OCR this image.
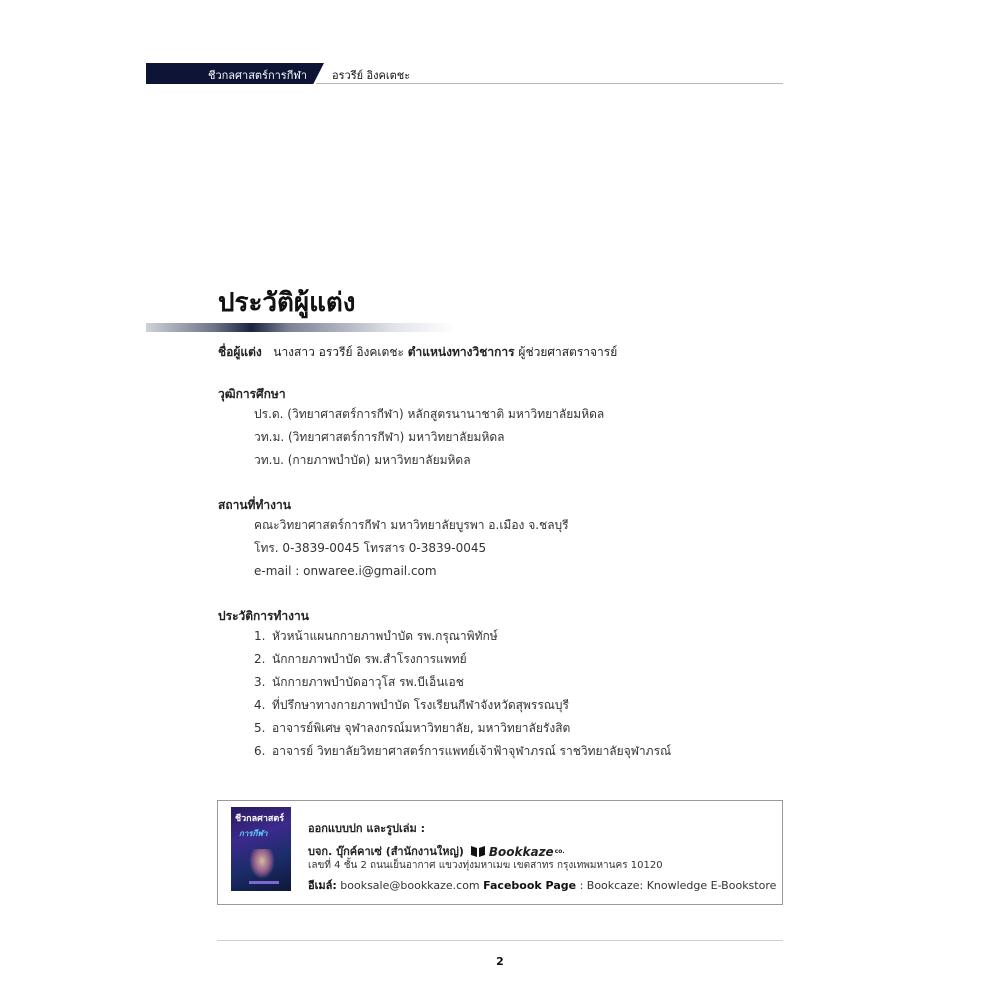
ชีวกลศาสตร์การกีฬา อรวรีย์ อิงคเตชะ
ประวัติผู้แต่ง
ชื่อผู้แต่ง นางสาว อรวรีย์ อิงคเตชะ ตำแหน่งทางวิชาการ ผู้ช่วยศาสตราจารย์
วุฒิการศึกษา
ปร.ด. (วิทยาศาสตร์การกีฬา) หลักสูตรนานาชาติ มหาวิทยาลัยมหิดล
วท.ม. (วิทยาศาสตร์การกีฬา) มหาวิทยาลัยมหิดล
วท.บ. (กายภาพบำบัด) มหาวิทยาลัยมหิดล
สถานที่ทำงาน
คณะวิทยาศาสตร์การกีฬา มหาวิทยาลัยบูรพา อ.เมือง จ.ชลบุรี
โทร. 0-3839-0045 โทรสาร 0-3839-0045
e-mail : onwaree.i@gmail.com
ประวัติการทำงาน
1. หัวหน้าแผนกกายภาพบำบัด รพ.กรุณาพิทักษ์
2. นักกายภาพบำบัด รพ.สำโรงการแพทย์
3. นักกายภาพบำบัดอาวุโส รพ.บีเอ็นเอช
4. ที่ปรึกษาทางกายภาพบำบัด โรงเรียนกีฬาจังหวัดสุพรรณบุรี
5. อาจารย์พิเศษ จุฬาลงกรณ์มหาวิทยาลัย, มหาวิทยาลัยรังสิต
6. อาจารย์ วิทยาลัยวิทยาศาสตร์การแพทย์เจ้าฟ้าจุฬาภรณ์ ราชวิทยาลัยจุฬาภรณ์
ชีวกลศาสตร์
การกีฬา	ออกแบบปก และรูปเล่ม :
บจก. บุ๊กค์คาเซ่ (สำนักงานใหญ่) Bookkaze co.
เลขที่ 4 ชั้น 2 ถนนเย็นอากาศ แขวงทุ่งมหาเมฆ เขตสาทร กรุงเทพมหานคร 10120
อีเมล์: booksale@bookkaze.com Facebook Page : Bookcaze: Knowledge E-Bookstore
2
